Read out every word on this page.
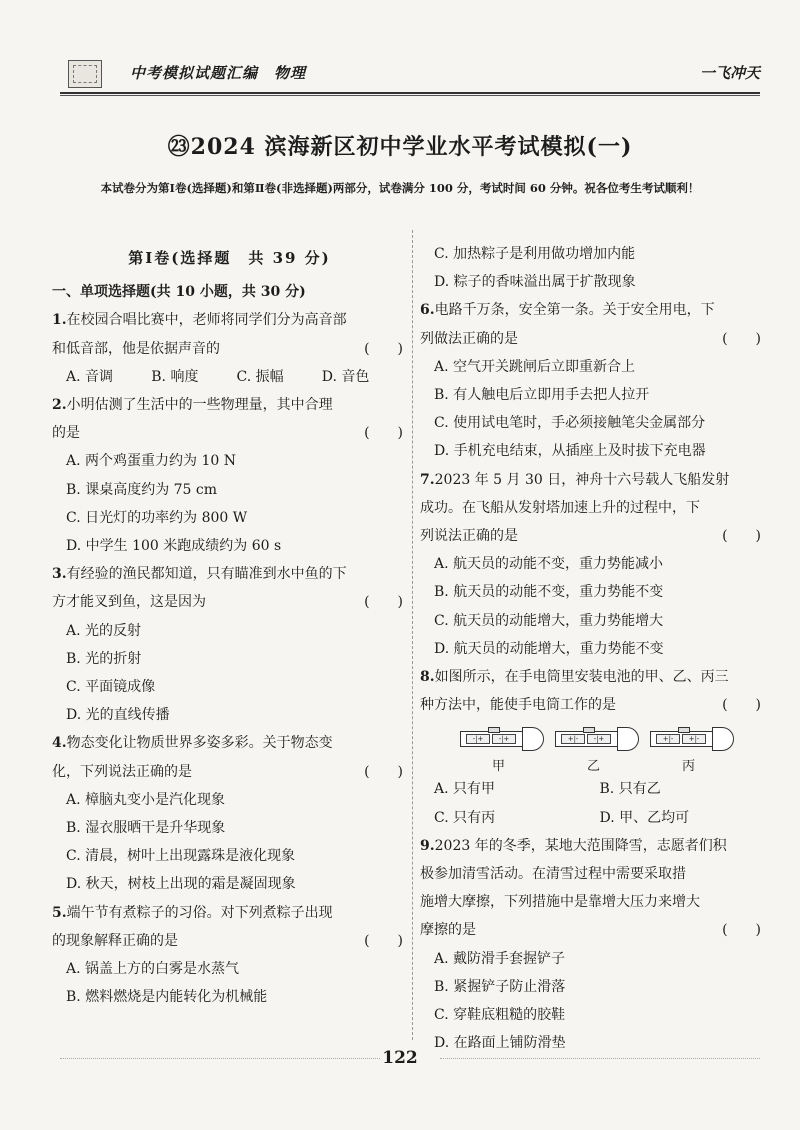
中考模拟试题汇编　物理	一飞冲天
㉓2024 滨海新区初中学业水平考试模拟(一)
本试卷分为第Ⅰ卷(选择题)和第Ⅱ卷(非选择题)两部分，试卷满分 100 分，考试时间 60 分钟。祝各位考生考试顺利！
第Ⅰ卷(选择题　共 39 分)
一、单项选择题(共 10 小题，共 30 分)
1.在校园合唱比赛中，老师将同学们分为高音部
和低音部，他是依据声音的	(　　)
A. 音调	B. 响度	C. 振幅	D. 音色
2.小明估测了生活中的一些物理量，其中合理
的是	(　　)
A. 两个鸡蛋重力约为 10 N
B. 课桌高度约为 75 cm
C. 日光灯的功率约为 800 W
D. 中学生 100 米跑成绩约为 60 s
3.有经验的渔民都知道，只有瞄准到水中鱼的下
方才能叉到鱼，这是因为	(　　)
A. 光的反射
B. 光的折射
C. 平面镜成像
D. 光的直线传播
4.物态变化让物质世界多姿多彩。关于物态变
化，下列说法正确的是	(　　)
A. 樟脑丸变小是汽化现象
B. 湿衣服晒干是升华现象
C. 清晨，树叶上出现露珠是液化现象
D. 秋天，树枝上出现的霜是凝固现象
5.端午节有煮粽子的习俗。对下列煮粽子出现
的现象解释正确的是	(　　)
A. 锅盖上方的白雾是水蒸气
B. 燃料燃烧是内能转化为机械能
C. 加热粽子是利用做功增加内能
D. 粽子的香味溢出属于扩散现象
6.电路千万条，安全第一条。关于安全用电，下
列做法正确的是	(　　)
A. 空气开关跳闸后立即重新合上
B. 有人触电后立即用手去把人拉开
C. 使用试电笔时，手必须接触笔尖金属部分
D. 手机充电结束，从插座上及时拔下充电器
7.2023 年 5 月 30 日，神舟十六号载人飞船发射
成功。在飞船从发射塔加速上升的过程中，下
列说法正确的是	(　　)
A. 航天员的动能不变，重力势能减小
B. 航天员的动能不变，重力势能不变
C. 航天员的动能增大，重力势能增大
D. 航天员的动能增大，重力势能不变
8.如图所示，在手电筒里安装电池的甲、乙、丙三
种方法中，能使手电筒工作的是	(　　)
-|+	-|+	+|-	-|+	+|-	+|-
甲	乙	丙
A. 只有甲	B. 只有乙
C. 只有丙	D. 甲、乙均可
9.2023 年的冬季，某地大范围降雪，志愿者们积
极参加清雪活动。在清雪过程中需要采取措
施增大摩擦，下列措施中是靠增大压力来增大
摩擦的是	(　　)
A. 戴防滑手套握铲子
B. 紧握铲子防止滑落
C. 穿鞋底粗糙的胶鞋
D. 在路面上铺防滑垫
122
